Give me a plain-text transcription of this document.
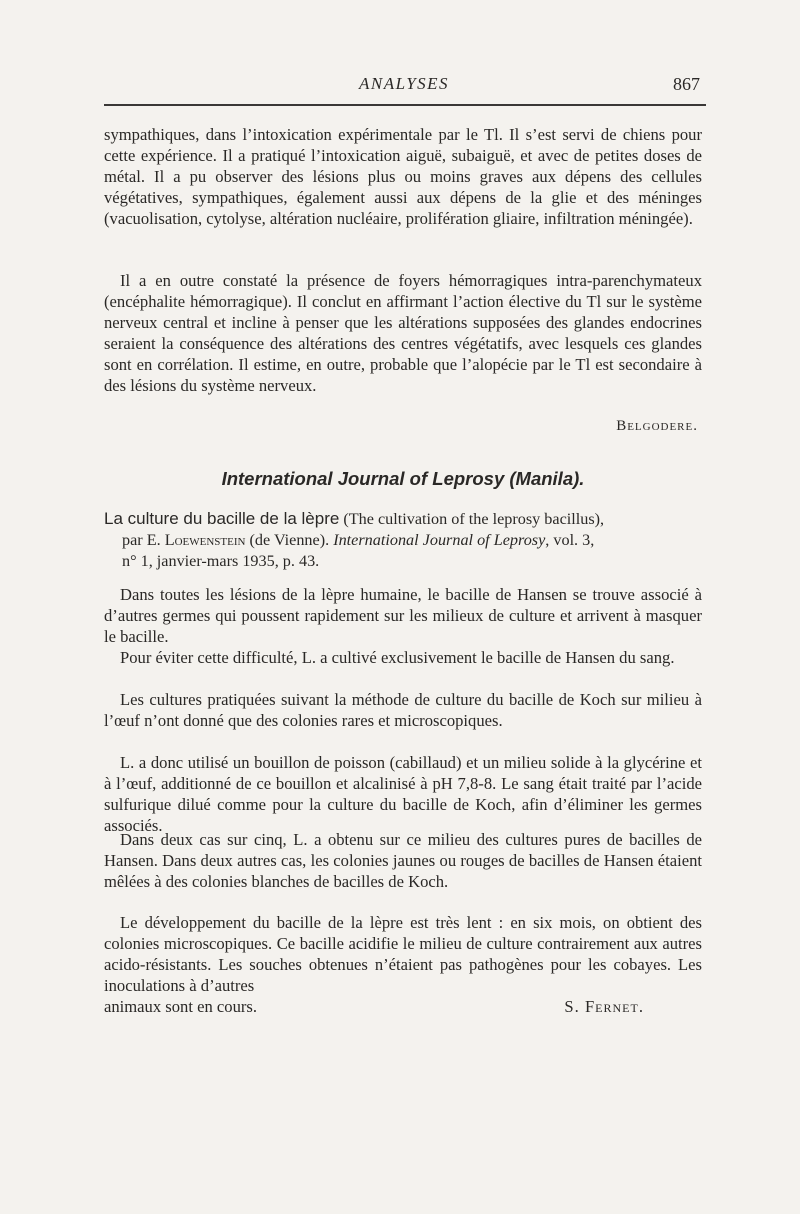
ANALYSES	867

sympathiques, dans l’intoxication expérimentale par le Tl. Il s’est servi de chiens pour cette expérience. Il a pratiqué l’intoxication aiguë, subaiguë, et avec de petites doses de métal. Il a pu observer des lésions plus ou moins graves aux dépens des cellules végétatives, sympathiques, également aussi aux dépens de la glie et des méninges (vacuolisation, cytolyse, altération nucléaire, prolifération gliaire, infiltration méningée).

Il a en outre constaté la présence de foyers hémorragiques intra-parenchymateux (encéphalite hémorragique). Il conclut en affirmant l’action élective du Tl sur le système nerveux central et incline à penser que les altérations supposées des glandes endocrines seraient la conséquence des altérations des centres végétatifs, avec lesquels ces glandes sont en corrélation. Il estime, en outre, probable que l’alopécie par le Tl est secondaire à des lésions du système nerveux.

Belgodere.
International Journal of Leprosy (Manila).

La culture du bacille de la lèpre (The cultivation of the leprosy bacillus),
par E. Loewenstein (de Vienne). International Journal of Leprosy, vol. 3,
n° 1, janvier-mars 1935, p. 43.

Dans toutes les lésions de la lèpre humaine, le bacille de Hansen se trouve associé à d’autres germes qui poussent rapidement sur les milieux de culture et arrivent à masquer le bacille.

Pour éviter cette difficulté, L. a cultivé exclusivement le bacille de Hansen du sang.

Les cultures pratiquées suivant la méthode de culture du bacille de Koch sur milieu à l’œuf n’ont donné que des colonies rares et microscopiques.

L. a donc utilisé un bouillon de poisson (cabillaud) et un milieu solide à la glycérine et à l’œuf, additionné de ce bouillon et alcalinisé à pH 7,8-8. Le sang était traité par l’acide sulfurique dilué comme pour la culture du bacille de Koch, afin d’éliminer les germes associés.

Dans deux cas sur cinq, L. a obtenu sur ce milieu des cultures pures de bacilles de Hansen. Dans deux autres cas, les colonies jaunes ou rouges de bacilles de Hansen étaient mêlées à des colonies blanches de bacilles de Koch.

Le développement du bacille de la lèpre est très lent : en six mois, on obtient des colonies microscopiques. Ce bacille acidifie le milieu de culture contrairement aux autres acido-résistants. Les souches obtenues n’étaient pas pathogènes pour les cobayes. Les inoculations à d’autres

animaux sont en cours.	S. Fernet.
